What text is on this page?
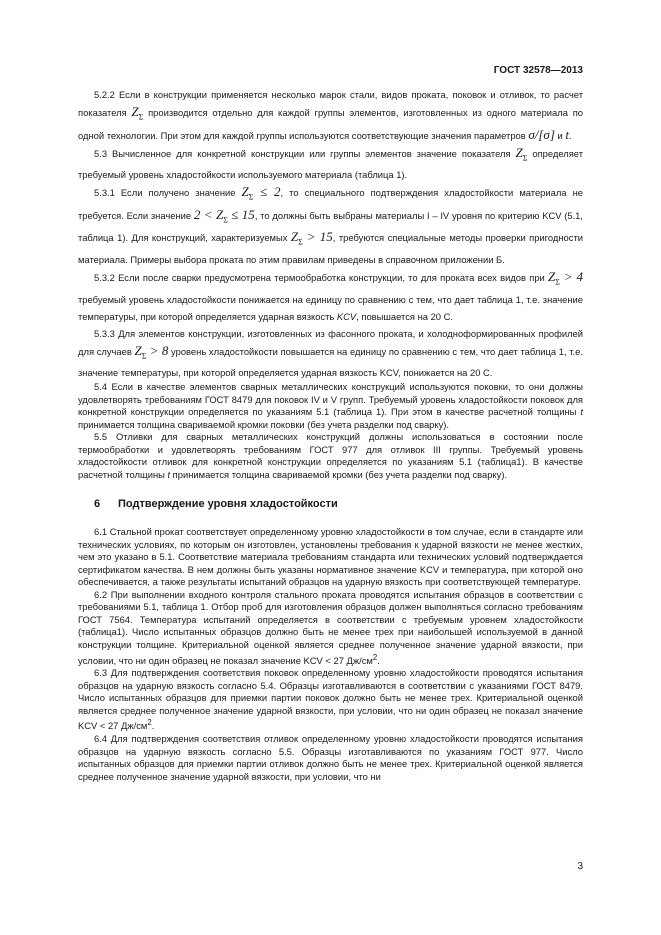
ГОСТ 32578—2013

5.2.2 Если в конструкции применяется несколько марок стали, видов проката, поковок и отливок, то расчет показателя $Z_\Sigma$ производится отдельно для каждой группы элементов, изготовленных из одного материала по одной технологии. При этом для каждой группы используются соответствующие значения параметров σ/[σ] и t.

5.3 Вычисленное для конкретной конструкции или группы элементов значение показателя $Z_\Sigma$ определяет требуемый уровень хладостойкости используемого материала (таблица 1).

5.3.1 Если получено значение $Z_\Sigma \le 2$, то специального подтверждения хладостойкости материала не требуется. Если значение $2 < Z_\Sigma \le 15$, то должны быть выбраны материалы I – IV уровня по критерию KCV (5.1, таблица 1). Для конструкций, характеризуемых $Z_\Sigma > 15$, требуются специальные методы проверки пригодности материала. Примеры выбора проката по этим правилам приведены в справочном приложении Б.

5.3.2 Если после сварки предусмотрена термообработка конструкции, то для проката всех видов при $Z_\Sigma > 4$ требуемый уровень хладостойкости понижается на единицу по сравнению с тем, что дает таблица 1, т.е. значение температуры, при которой определяется ударная вязкость KCV, повышается на 20 С.

5.3.3 Для элементов конструкции, изготовленных из фасонного проката, и холодноформированных профилей для случаев $Z_\Sigma > 8$ уровень хладостойкости повышается на единицу по сравнению с тем, что дает таблица 1, т.е. значение температуры, при которой определяется ударная вязкость KCV, понижается на 20 С.

5.4 Если в качестве элементов сварных металлических конструкций используются поковки, то они должны удовлетворять требованиям ГОСТ 8479 для поковок IV и V групп. Требуемый уровень хладостойкости поковок для конкретной конструкции определяется по указаниям 5.1 (таблица 1). При этом в качестве расчетной толщины t принимается толщина свариваемой кромки поковки (без учета разделки под сварку).

5.5 Отливки для сварных металлических конструкций должны использоваться в состоянии после термообработки и удовлетворять требованиям ГОСТ 977 для отливок III группы. Требуемый уровень хладостойкости отливок для конкретной конструкции определяется по указаниям 5.1 (таблица1). В качестве расчетной толщины t принимается толщина свариваемой кромки (без учета разделки под сварку).

6 Подтверждение уровня хладостойкости

6.1 Стальной прокат соответствует определенному уровню хладостойкости в том случае, если в стандарте или технических условиях, по которым он изготовлен, установлены требования к ударной вязкости не менее жестких, чем это указано в 5.1. Соответствие материала требованиям стандарта или технических условий подтверждается сертификатом качества. В нем должны быть указаны нормативное значение KCV и температура, при которой оно обеспечивается, а также результаты испытаний образцов на ударную вязкость при соответствующей температуре.

6.2 При выполнении входного контроля стального проката проводятся испытания образцов в соответствии с требованиями 5.1, таблица 1. Отбор проб для изготовления образцов должен выполняться согласно требованиям ГОСТ 7564. Температура испытаний определяется в соответствии с требуемым уровнем хладостойкости (таблица1). Число испытанных образцов должно быть не менее трех при наибольшей используемой в данной конструкции толщине. Критериальной оценкой является среднее полученное значение ударной вязкости, при условии, что ни один образец не показал значение KCV < 27 $Дж/см^2$.

6.3 Для подтверждения соответствия поковок определенному уровню хладостойкости проводятся испытания образцов на ударную вязкость согласно 5.4. Образцы изготавливаются в соответствии с указаниями ГОСТ 8479. Число испытанных образцов для приемки партии поковок должно быть не менее трех. Критериальной оценкой является среднее полученное значение ударной вязкости, при условии, что ни один образец не показал значение KCV < 27 $Дж/см^2$.

6.4 Для подтверждения соответствия отливок определенному уровню хладостойкости проводятся испытания образцов на ударную вязкость согласно 5.5. Образцы изготавливаются по указаниям ГОСТ 977. Число испытанных образцов для приемки партии отливок должно быть не менее трех. Критериальной оценкой является среднее полученное значение ударной вязкости, при условии, что ни

3
